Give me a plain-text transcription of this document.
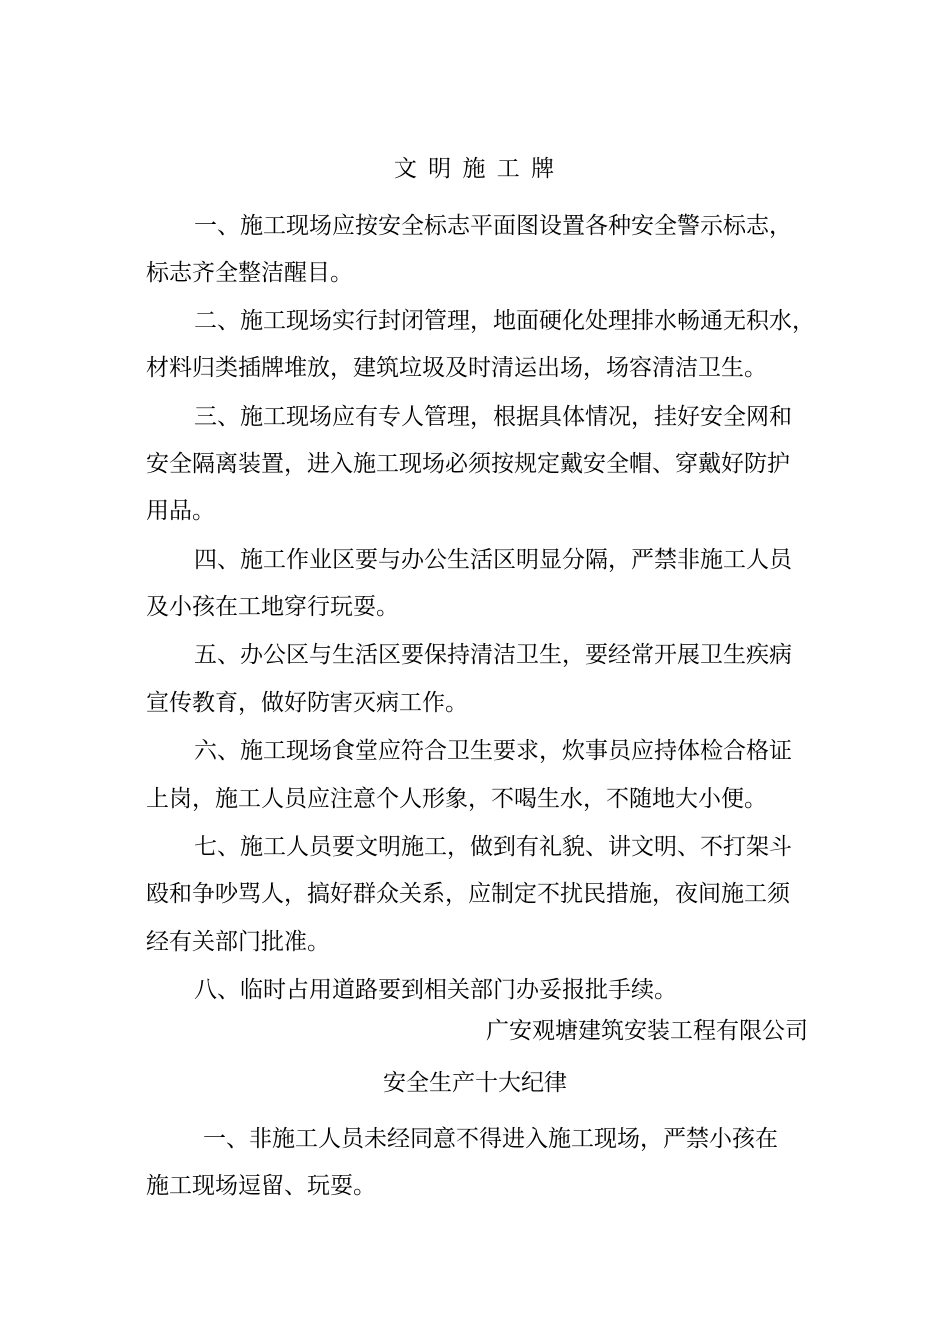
文 明 施 工 牌
一、施工现场应按安全标志平面图设置各种安全警示标志，
标志齐全整洁醒目。
二、施工现场实行封闭管理，地面硬化处理排水畅通无积水，
材料归类插牌堆放，建筑垃圾及时清运出场，场容清洁卫生。
三、施工现场应有专人管理，根据具体情况，挂好安全网和
安全隔离装置，进入施工现场必须按规定戴安全帽、穿戴好防护
用品。
四、施工作业区要与办公生活区明显分隔，严禁非施工人员
及小孩在工地穿行玩耍。
五、办公区与生活区要保持清洁卫生，要经常开展卫生疾病
宣传教育，做好防害灭病工作。
六、施工现场食堂应符合卫生要求，炊事员应持体检合格证
上岗，施工人员应注意个人形象，不喝生水，不随地大小便。
七、施工人员要文明施工，做到有礼貌、讲文明、不打架斗
殴和争吵骂人，搞好群众关系，应制定不扰民措施，夜间施工须
经有关部门批准。
八、临时占用道路要到相关部门办妥报批手续。
广安观塘建筑安装工程有限公司
安全生产十大纪律
一、非施工人员未经同意不得进入施工现场，严禁小孩在
施工现场逗留、玩耍。
